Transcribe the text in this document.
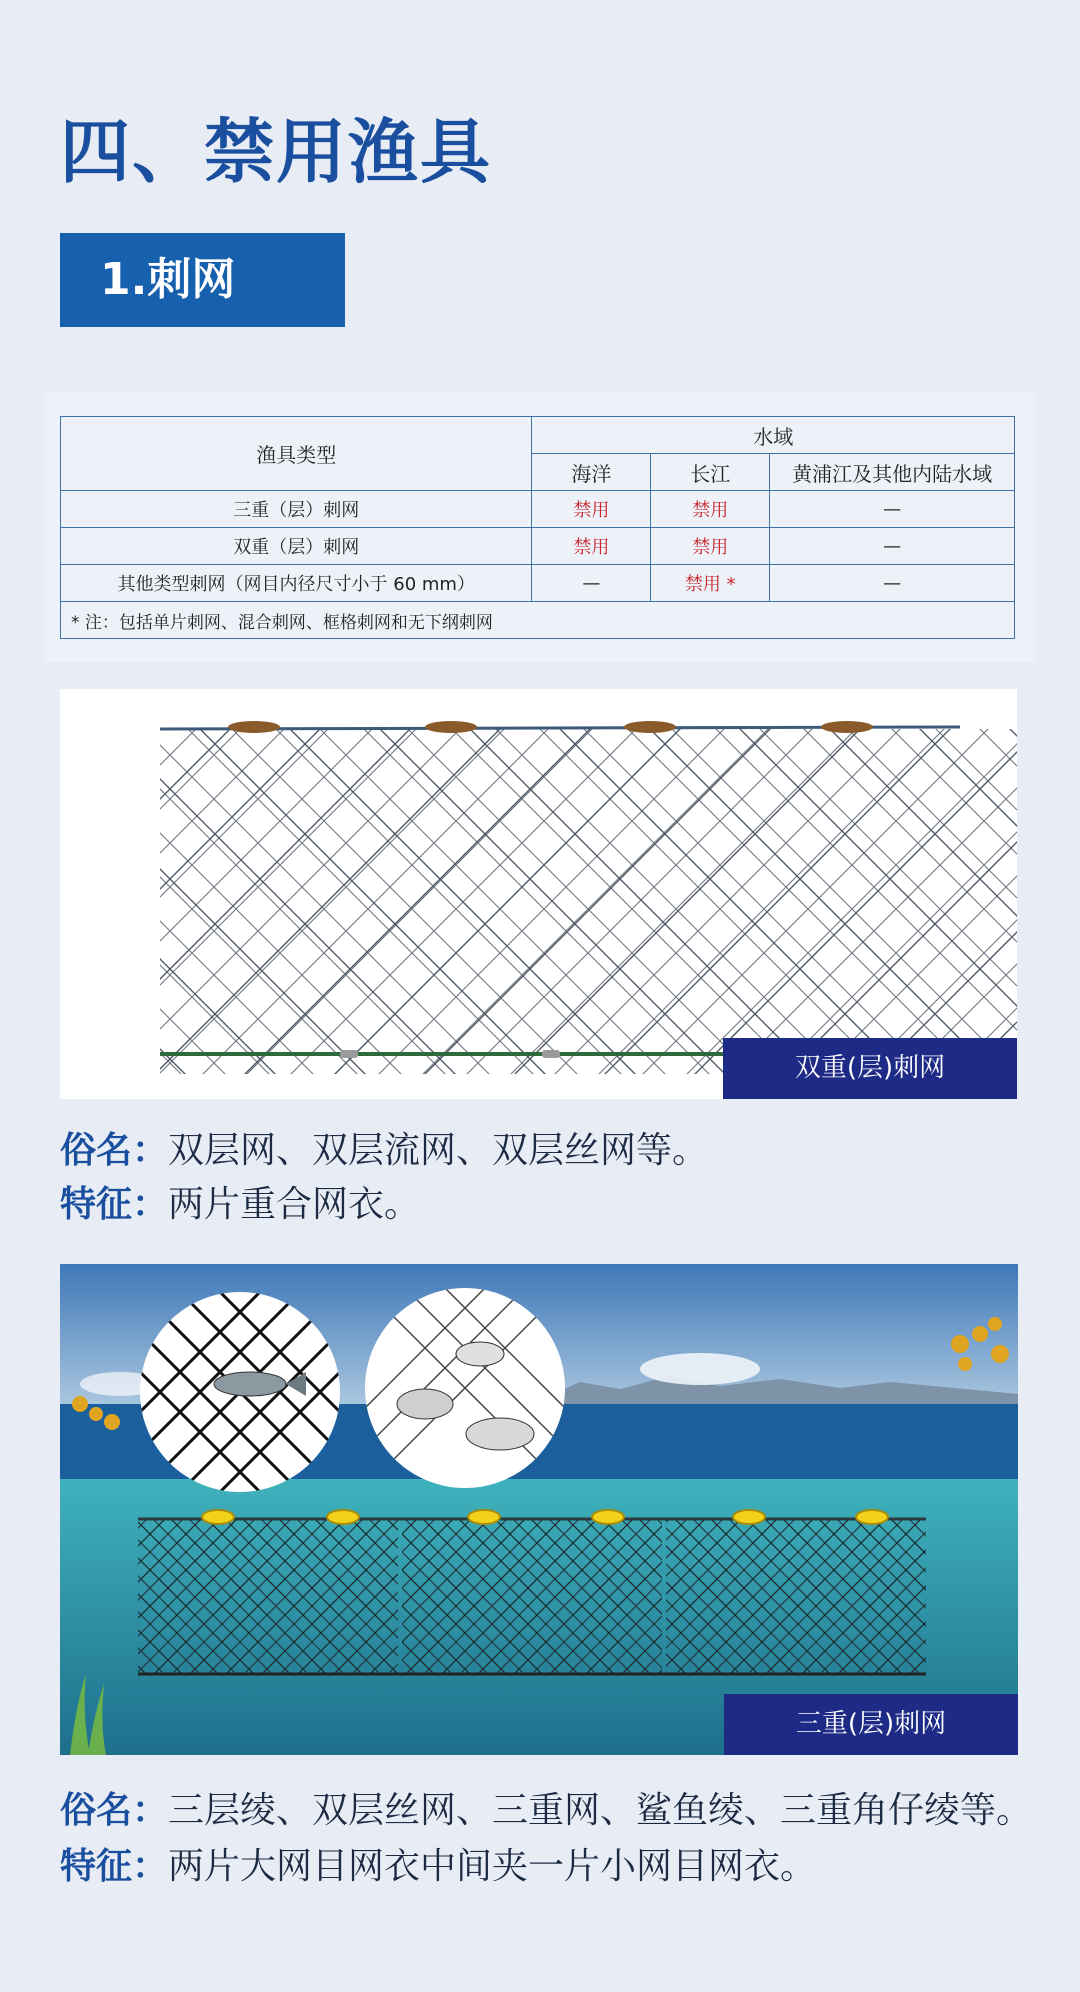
四、禁用渔具
1.刺网
渔具类型	水域		
	海洋	长江	黄浦江及其他内陆水域
三重（层）刺网	禁用	禁用	—
双重（层）刺网	禁用	禁用	—
其他类型刺网（网目内径尺寸小于 60 mm）	—	禁用 *	—
* 注：包括单片刺网、混合刺网、框格刺网和无下纲刺网			
双重(层)刺网
俗名：双层网、双层流网、双层丝网等。
特征：两片重合网衣。
三重(层)刺网
俗名：三层绫、双层丝网、三重网、鲨鱼绫、三重角仔绫等。
特征：两片大网目网衣中间夹一片小网目网衣。
